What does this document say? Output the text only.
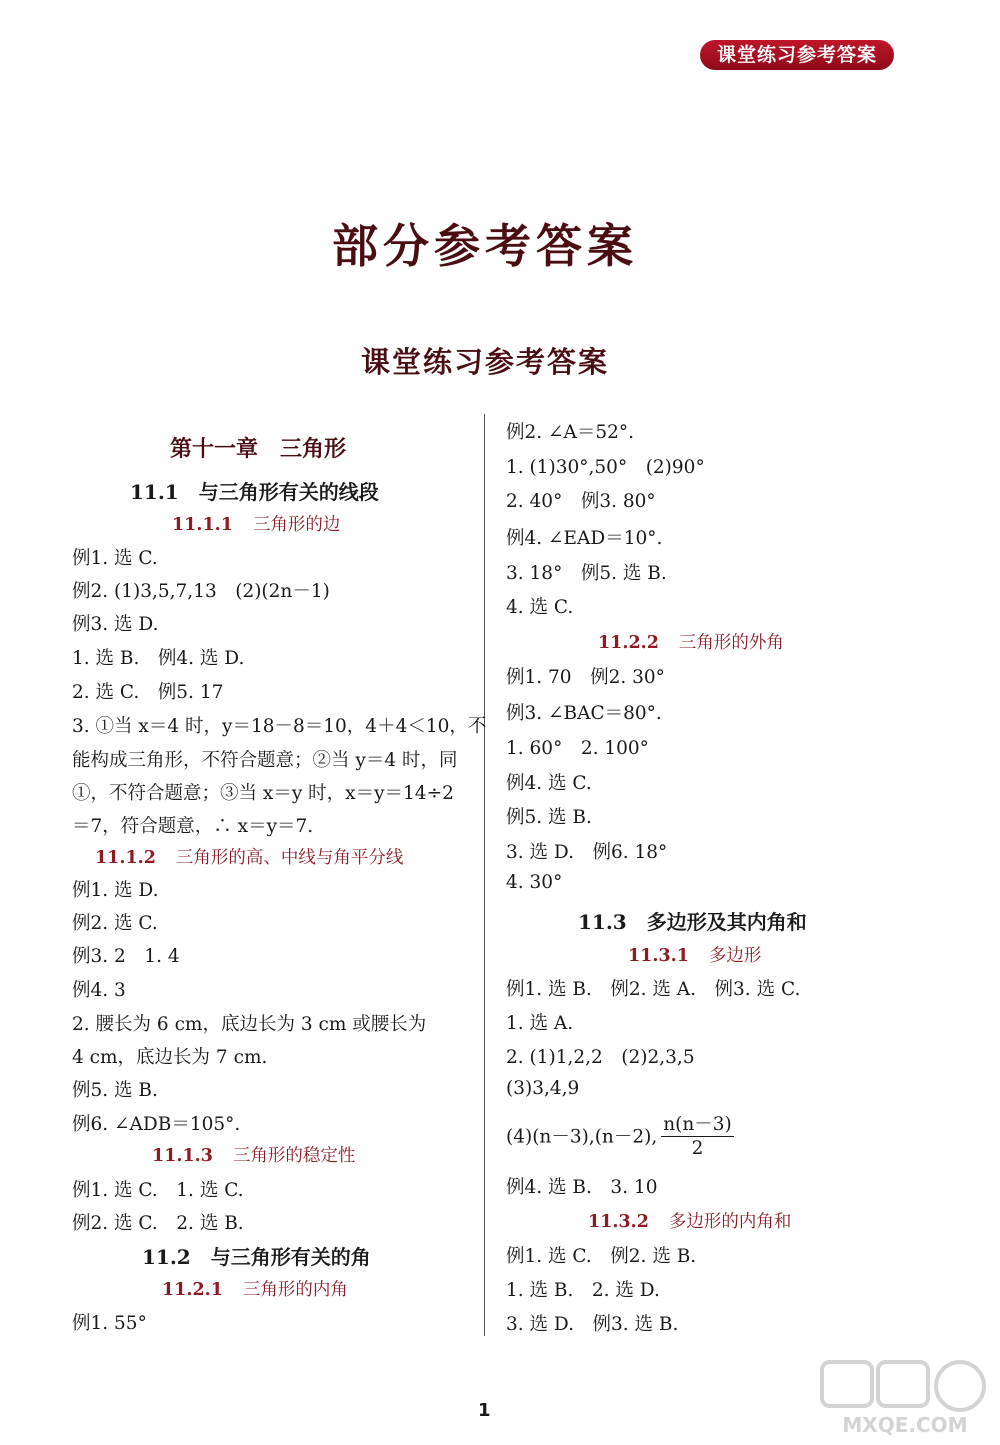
课堂练习参考答案
部分参考答案
课堂练习参考答案
第十一章　三角形
11.1 与三角形有关的线段
11.1.1 三角形的边
例1. 选 C.
例2. (1)3,5,7,13　(2)(2n－1)
例3. 选 D.
1. 选 B.　例4. 选 D.
2. 选 C.　例5. 17
3. ①当 x＝4 时，y＝18－8＝10，4＋4＜10，不
能构成三角形，不符合题意；②当 y＝4 时，同
①，不符合题意；③当 x＝y 时，x＝y＝14÷2
＝7，符合题意，∴ x＝y＝7.
11.1.2 三角形的高、中线与角平分线
例1. 选 D.
例2. 选 C.
例3. 2　1. 4
例4. 3
2. 腰长为 6 cm，底边长为 3 cm 或腰长为
4 cm，底边长为 7 cm.
例5. 选 B.
例6. ∠ADB＝105°.
11.1.3 三角形的稳定性
例1. 选 C.　1. 选 C.
例2. 选 C.　2. 选 B.
11.2 与三角形有关的角
11.2.1 三角形的内角
例1. 55°
例2. ∠A＝52°.
1. (1)30°,50°　(2)90°
2. 40°　例3. 80°
例4. ∠EAD＝10°.
3. 18°　例5. 选 B.
4. 选 C.
11.2.2 三角形的外角
例1. 70　例2. 30°
例3. ∠BAC＝80°.
1. 60°　2. 100°
例4. 选 C.
例5. 选 B.
3. 选 D.　例6. 18°
4. 30°
11.3 多边形及其内角和
11.3.1 多边形
例1. 选 B.　例2. 选 A.　例3. 选 C.
1. 选 A.
2. (1)1,2,2　(2)2,3,5
(3)3,4,9
(4)(n－3),(n－2), $\frac{n(n-3)}{2}$
例4. 选 B.　3. 10
11.3.2 多边形的内角和
例1. 选 C.　例2. 选 B.
1. 选 B.　2. 选 D.
3. 选 D.　例3. 选 B.
1
MXQE.COM
